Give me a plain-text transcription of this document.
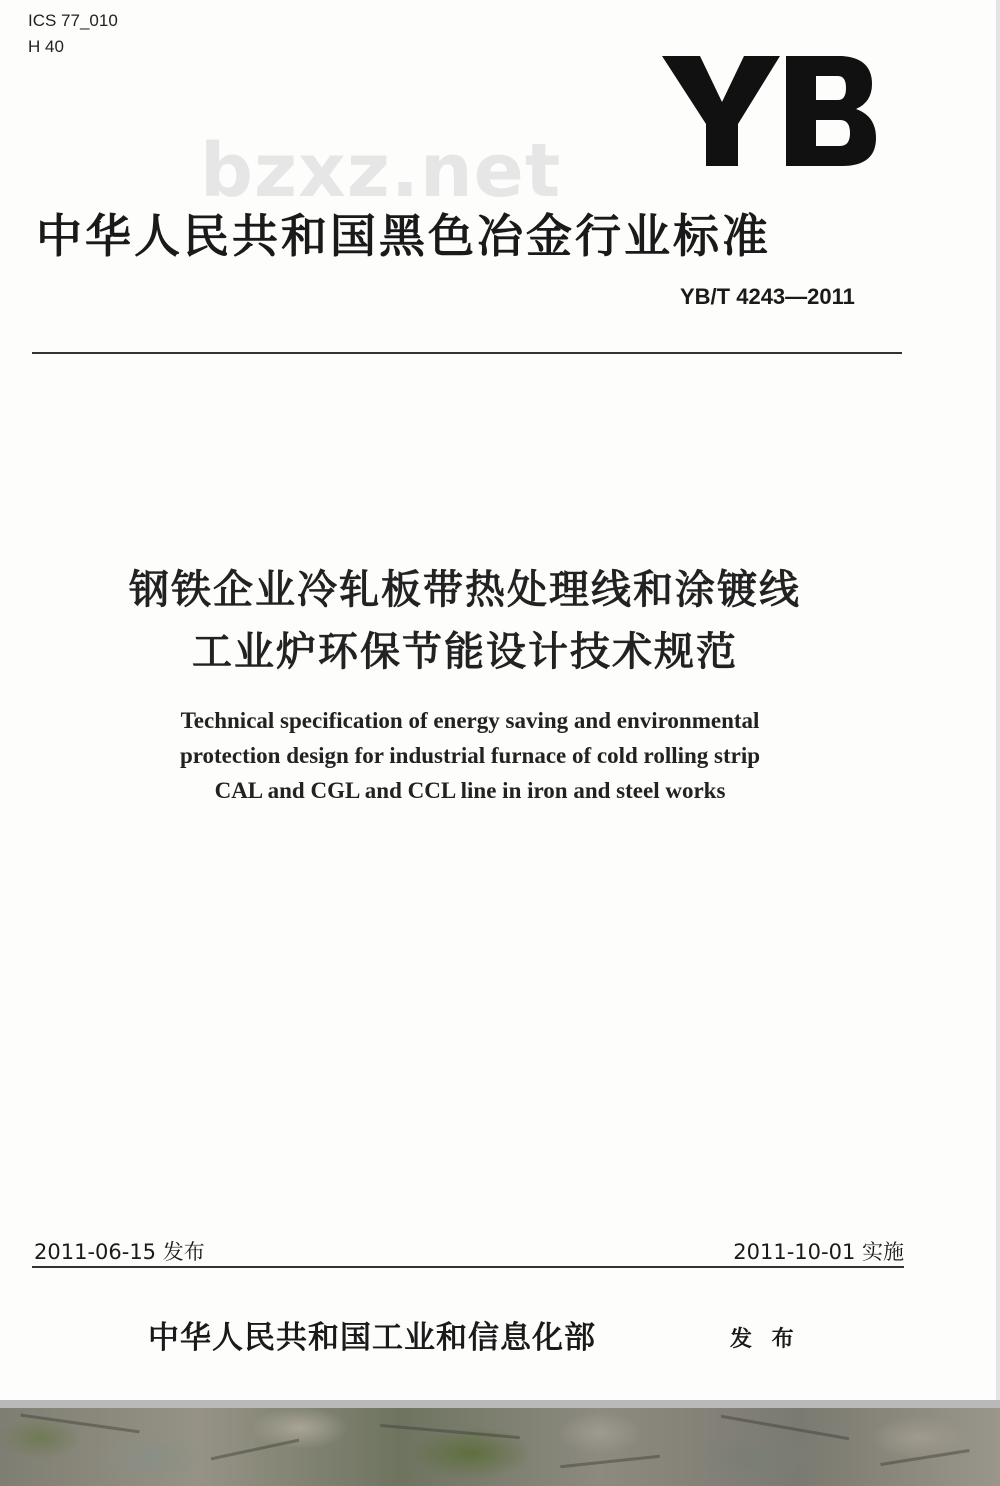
ICS 77_010
H 40
bzxz.net
中华人民共和国黑色冶金行业标准
YB/T 4243—2011
钢铁企业冷轧板带热处理线和涂镀线
工业炉环保节能设计技术规范
Technical specification of energy saving and environmental
protection design for industrial furnace of cold rolling strip
CAL and CGL and CCL line in iron and steel works
2011-06-15 发布	2011-10-01 实施
中华人民共和国工业和信息化部	发 布
